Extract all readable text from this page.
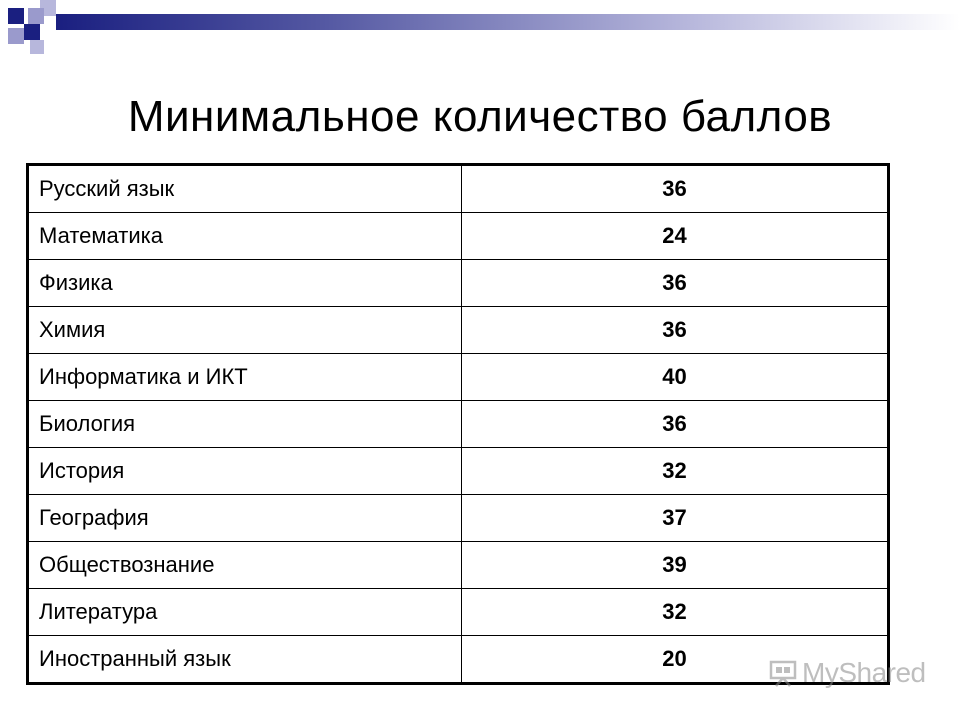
Минимальное количество баллов
Русский язык	36
Математика	24
Физика	36
Химия	36
Информатика и ИКТ	40
Биология	36
История	32
География	37
Обществознание	39
Литература	32
Иностранный язык	20	MyShared
